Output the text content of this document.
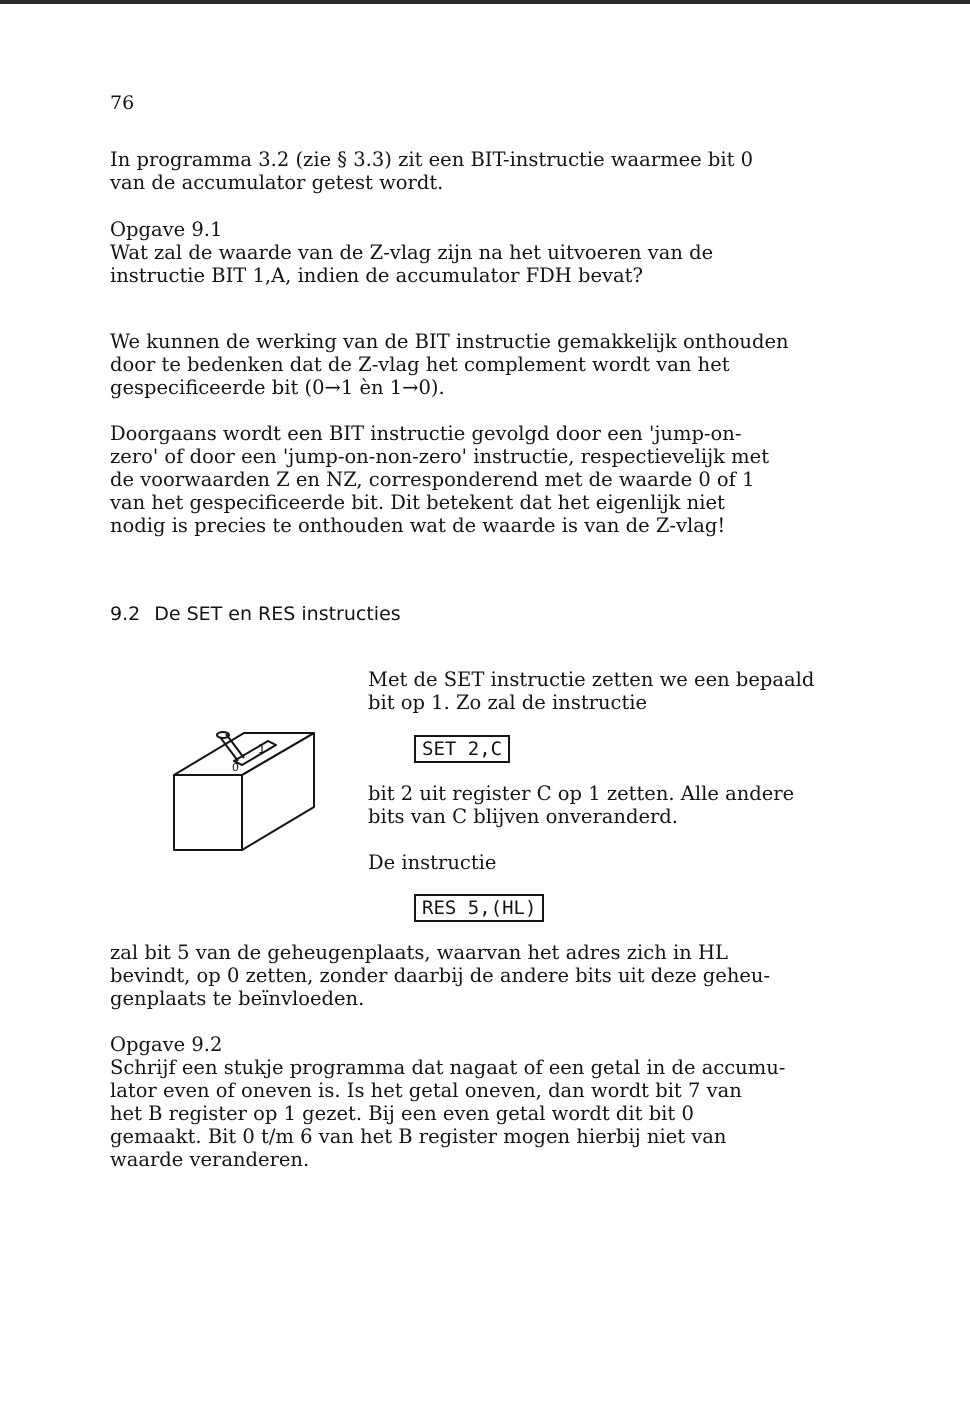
76

In programma 3.2 (zie § 3.3) zit een BIT-instructie waarmee bit 0
van de accumulator getest wordt.

Opgave 9.1

Wat zal de waarde van de Z-vlag zijn na het uitvoeren van de
instructie BIT 1,A, indien de accumulator FDH bevat?

We kunnen de werking van de BIT instructie gemakkelijk onthouden
door te bedenken dat de Z-vlag het complement wordt van het
gespecificeerde bit (0→1 èn 1→0).

Doorgaans wordt een BIT instructie gevolgd door een 'jump-on-
zero' of door een 'jump-on-non-zero' instructie, respectievelijk met
de voorwaarden Z en NZ, corresponderend met de waarde 0 of 1
van het gespecificeerde bit. Dit betekent dat het eigenlijk niet
nodig is precies te onthouden wat de waarde is van de Z-vlag!

9.2 De SET en RES instructies
1
0

Met de SET instructie zetten we een bepaald
bit op 1. Zo zal de instructie

SET 2,C

bit 2 uit register C op 1 zetten. Alle andere
bits van C blijven onveranderd.

De instructie

RES 5,(HL)

zal bit 5 van de geheugenplaats, waarvan het adres zich in HL
bevindt, op 0 zetten, zonder daarbij de andere bits uit deze geheu-
genplaats te beïnvloeden.

Opgave 9.2

Schrijf een stukje programma dat nagaat of een getal in de accumu-
lator even of oneven is. Is het getal oneven, dan wordt bit 7 van
het B register op 1 gezet. Bij een even getal wordt dit bit 0
gemaakt. Bit 0 t/m 6 van het B register mogen hierbij niet van
waarde veranderen.
